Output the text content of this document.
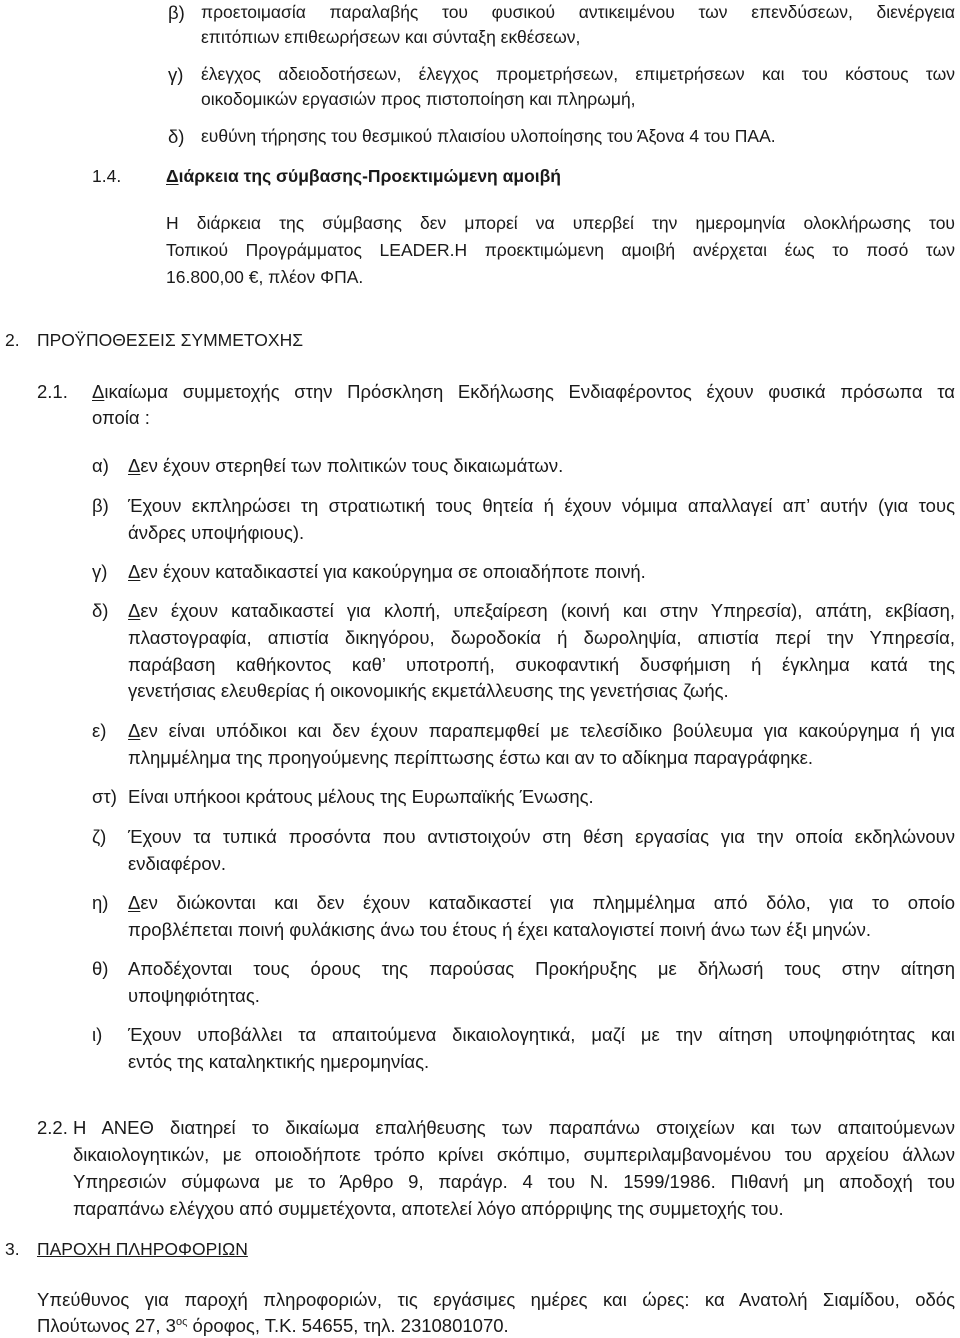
β) προετοιμασία παραλαβής του φυσικού αντικειμένου των επενδύσεων, διενέργεια
επιτόπιων επιθεωρήσεων και σύνταξη εκθέσεων,
γ) έλεγχος αδειοδοτήσεων, έλεγχος προμετρήσεων, επιμετρήσεων και του κόστους των
οικοδομικών εργασιών προς πιστοποίηση και πληρωμή,
δ) ευθύνη τήρησης του θεσμικού πλαισίου υλοποίησης του Άξονα 4 του ΠΑΑ.
1.4.	Διάρκεια της σύμβασης-Προεκτιμώμενη αμοιβή
Η διάρκεια της σύμβασης δεν μπορεί να υπερβεί την ημερομηνία ολοκλήρωσης του
Τοπικού Προγράμματος LEADER.Η προεκτιμώμενη αμοιβή ανέρχεται έως το ποσό των
16.800,00 €, πλέον ΦΠΑ.
2. ΠΡΟΫΠΟΘΕΣΕΙΣ ΣΥΜΜΕΤΟΧΗΣ
2.1. Δικαίωμα συμμετοχής στην Πρόσκληση Εκδήλωσης Ενδιαφέροντος έχουν φυσικά πρόσωπα τα
οποία :
α) Δεν έχουν στερηθεί των πολιτικών τους δικαιωμάτων.
β) Έχουν εκπληρώσει τη στρατιωτική τους θητεία ή έχουν νόμιμα απαλλαγεί απ’ αυτήν (για τους
άνδρες υποψήφιους).
γ) Δεν έχουν καταδικαστεί για κακούργημα σε οποιαδήποτε ποινή.
δ) Δεν έχουν καταδικαστεί για κλοπή, υπεξαίρεση (κοινή και στην Υπηρεσία), απάτη, εκβίαση,
πλαστογραφία, απιστία δικηγόρου, δωροδοκία ή δωροληψία, απιστία περί την Υπηρεσία,
παράβαση καθήκοντος καθ’ υποτροπή, συκοφαντική δυσφήμιση ή έγκλημα κατά της
γενετήσιας ελευθερίας ή οικονομικής εκμετάλλευσης της γενετήσιας ζωής.
ε) Δεν είναι υπόδικοι και δεν έχουν παραπεμφθεί με τελεσίδικο βούλευμα για κακούργημα ή για
πλημμέλημα της προηγούμενης περίπτωσης έστω και αν το αδίκημα παραγράφηκε.
στ) Είναι υπήκοοι κράτους μέλους της Ευρωπαϊκής Ένωσης.
ζ) Έχουν τα τυπικά προσόντα που αντιστοιχούν στη θέση εργασίας για την οποία εκδηλώνουν
ενδιαφέρον.
η) Δεν διώκονται και δεν έχουν καταδικαστεί για πλημμέλημα από δόλο, για το οποίο
προβλέπεται ποινή φυλάκισης άνω του έτους ή έχει καταλογιστεί ποινή άνω των έξι μηνών.
θ) Αποδέχονται τους όρους της παρούσας Προκήρυξης με δήλωσή τους στην αίτηση
υποψηφιότητας.
ι) Έχουν υποβάλλει τα απαιτούμενα δικαιολογητικά, μαζί με την αίτηση υποψηφιότητας και
εντός της καταληκτικής ημερομηνίας.
2.2. Η ΑΝΕΘ διατηρεί το δικαίωμα επαλήθευσης των παραπάνω στοιχείων και των απαιτούμενων
δικαιολογητικών, με οποιοδήποτε τρόπο κρίνει σκόπιμο, συμπεριλαμβανομένου του αρχείου άλλων
Υπηρεσιών σύμφωνα με το Άρθρο 9, παράγρ. 4 του Ν. 1599/1986. Πιθανή μη αποδοχή του
παραπάνω ελέγχου από συμμετέχοντα, αποτελεί λόγο απόρριψης της συμμετοχής του.
3. ΠΑΡΟΧΗ ΠΛΗΡΟΦΟΡΙΩΝ
Υπεύθυνος για παροχή πληροφοριών, τις εργάσιμες ημέρες και ώρες: κα Ανατολή Σιαμίδου, οδός
Πλούτωνος 27, $3^{o\varsigma}$ όροφος, Τ.Κ. 54655, τηλ. 2310801070.
